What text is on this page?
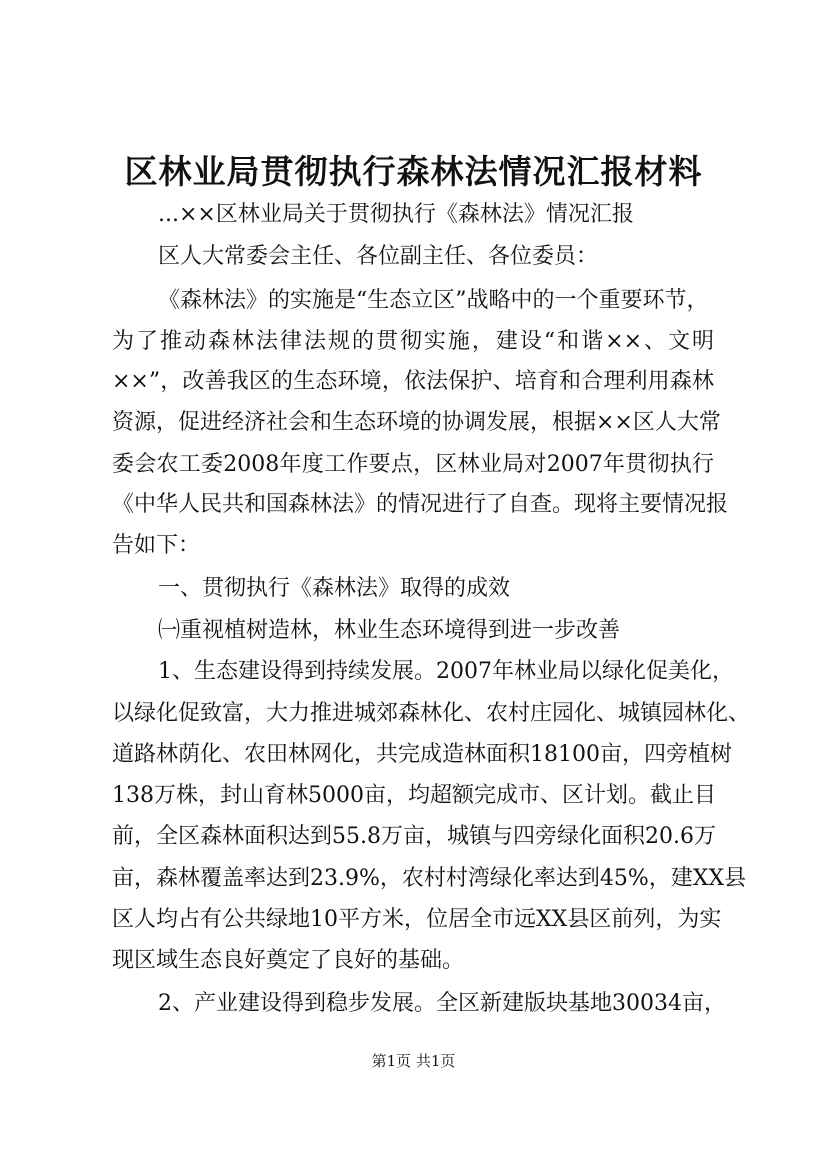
区林业局贯彻执行森林法情况汇报材料

...××区林业局关于贯彻执行《森林法》情况汇报

区人大常委会主任、各位副主任、各位委员：

《森林法》的实施是“生态立区”战略中的一个重要环节，

为了推动森林法律法规的贯彻实施，建设“和谐××、文明

××”，改善我区的生态环境，依法保护、培育和合理利用森林

资源，促进经济社会和生态环境的协调发展，根据××区人大常

委会农工委2008年度工作要点，区林业局对2007年贯彻执行

《中华人民共和国森林法》的情况进行了自查。现将主要情况报

告如下：

一、贯彻执行《森林法》取得的成效

㈠重视植树造林，林业生态环境得到进一步改善

1、生态建设得到持续发展。2007年林业局以绿化促美化，

以绿化促致富，大力推进城郊森林化、农村庄园化、城镇园林化、

道路林荫化、农田林网化，共完成造林面积18100亩，四旁植树

138万株，封山育林5000亩，均超额完成市、区计划。截止目

前，全区森林面积达到55.8万亩，城镇与四旁绿化面积20.6万

亩，森林覆盖率达到23.9%，农村村湾绿化率达到45%，建XX县

区人均占有公共绿地10平方米，位居全市远XX县区前列，为实

现区域生态良好奠定了良好的基础。

2、产业建设得到稳步发展。全区新建版块基地30034亩，

第1页 共1页
